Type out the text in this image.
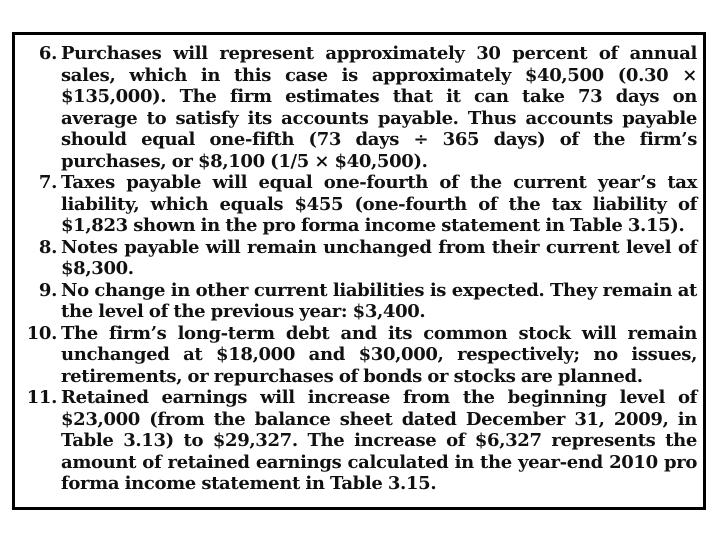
6. Purchases will represent approximately 30 percent of annual sales, which in this case is approximately $40,500 (0.30 × $135,000). The firm estimates that it can take 73 days on average to satisfy its accounts payable. Thus accounts payable should equal one-fifth (73 days ÷ 365 days) of the firm’s purchases, or $8,100 (1/5 × $40,500).
7. Taxes payable will equal one-fourth of the current year’s tax liability, which equals $455 (one-fourth of the tax liability of $1,823 shown in the pro forma income statement in Table 3.15).
8. Notes payable will remain unchanged from their current level of $8,300.
9. No change in other current liabilities is expected. They remain at the level of the previous year: $3,400.
10. The firm’s long-term debt and its common stock will remain unchanged at $18,000 and $30,000, respectively; no issues, retirements, or repurchases of bonds or stocks are planned.
11. Retained earnings will increase from the beginning level of $23,000 (from the balance sheet dated December 31, 2009, in Table 3.13) to $29,327. The increase of $6,327 represents the amount of retained earnings calculated in the year-end 2010 pro forma income statement in Table 3.15.
